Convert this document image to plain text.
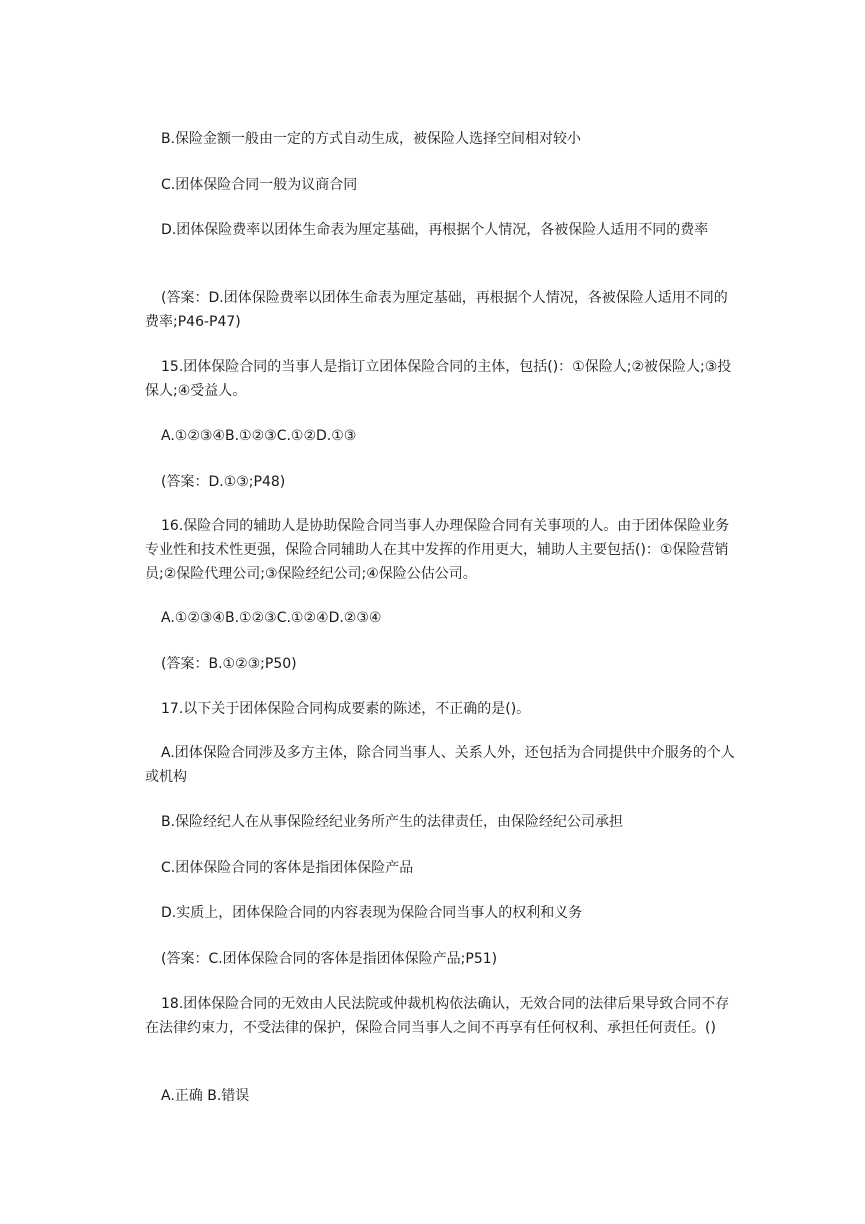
B.保险金额一般由一定的方式自动生成，被保险人选择空间相对较小

C.团体保险合同一般为议商合同

D.团体保险费率以团体生命表为厘定基础，再根据个人情况，各被保险人适用不同的费率

(答案：D.团体保险费率以团体生命表为厘定基础，再根据个人情况，各被保险人适用不同的费率;P46-P47)

15.团体保险合同的当事人是指订立团体保险合同的主体，包括()：①保险人;②被保险人;③投保人;④受益人。

A.①②③④B.①②③C.①②D.①③

(答案：D.①③;P48)

16.保险合同的辅助人是协助保险合同当事人办理保险合同有关事项的人。由于团体保险业务专业性和技术性更强，保险合同辅助人在其中发挥的作用更大，辅助人主要包括()：①保险营销员;②保险代理公司;③保险经纪公司;④保险公估公司。

A.①②③④B.①②③C.①②④D.②③④

(答案：B.①②③;P50)

17.以下关于团体保险合同构成要素的陈述，不正确的是()。

A.团体保险合同涉及多方主体，除合同当事人、关系人外，还包括为合同提供中介服务的个人或机构

B.保险经纪人在从事保险经纪业务所产生的法律责任，由保险经纪公司承担

C.团体保险合同的客体是指团体保险产品

D.实质上，团体保险合同的内容表现为保险合同当事人的权利和义务

(答案：C.团体保险合同的客体是指团体保险产品;P51)

18.团体保险合同的无效由人民法院或仲裁机构依法确认，无效合同的法律后果导致合同不存在法律约束力，不受法律的保护，保险合同当事人之间不再享有任何权利、承担任何责任。()

A.正确 B.错误
